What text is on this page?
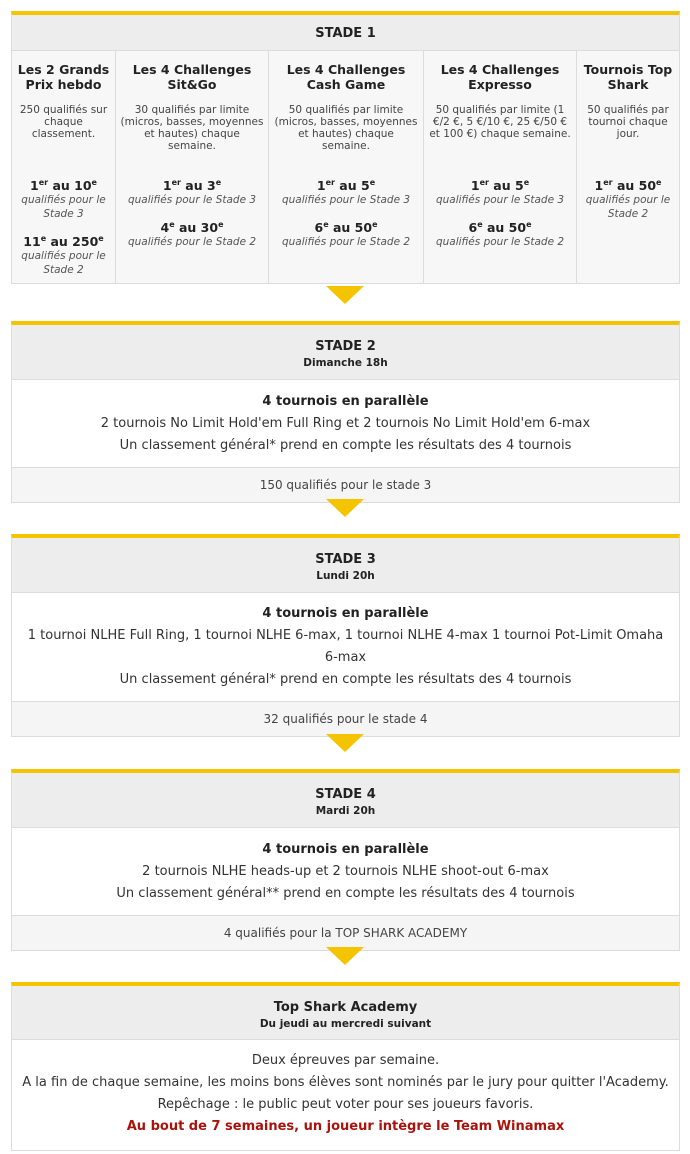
STADE 1
Les 2 Grands Prix hebdo
250 qualifiés sur chaque classement.
1er au 10e
qualifiés pour le Stade 3
11e au 250e
qualifiés pour le Stade 2
Les 4 Challenges Sit&Go
30 qualifiés par limite (micros, basses, moyennes et hautes) chaque semaine.
1er au 3e
qualifiés pour le Stade 3
4e au 30e
qualifiés pour le Stade 2
Les 4 Challenges Cash Game
50 qualifiés par limite (micros, basses, moyennes et hautes) chaque semaine.
1er au 5e
qualifiés pour le Stade 3
6e au 50e
qualifiés pour le Stade 2
Les 4 Challenges Expresso
50 qualifiés par limite (1 €/2 €, 5 €/10 €, 25 €/50 € et 100 €) chaque semaine.
1er au 5e
qualifiés pour le Stade 3
6e au 50e
qualifiés pour le Stade 2
Tournois Top Shark
50 qualifiés par tournoi chaque jour.
1er au 50e
qualifiés pour le Stade 2
STADE 2
Dimanche 18h
4 tournois en parallèle
2 tournois No Limit Hold'em Full Ring et 2 tournois No Limit Hold'em 6-max
Un classement général* prend en compte les résultats des 4 tournois
150 qualifiés pour le stade 3
STADE 3
Lundi 20h
4 tournois en parallèle
1 tournoi NLHE Full Ring, 1 tournoi NLHE 6-max, 1 tournoi NLHE 4-max 1 tournoi Pot-Limit Omaha 6-max
Un classement général* prend en compte les résultats des 4 tournois
32 qualifiés pour le stade 4
STADE 4
Mardi 20h
4 tournois en parallèle
2 tournois NLHE heads-up et 2 tournois NLHE shoot-out 6-max
Un classement général** prend en compte les résultats des 4 tournois
4 qualifiés pour la TOP SHARK ACADEMY
Top Shark Academy
Du jeudi au mercredi suivant
Deux épreuves par semaine.
A la fin de chaque semaine, les moins bons élèves sont nominés par le jury pour quitter l'Academy.
Repêchage : le public peut voter pour ses joueurs favoris.
Au bout de 7 semaines, un joueur intègre le Team Winamax
